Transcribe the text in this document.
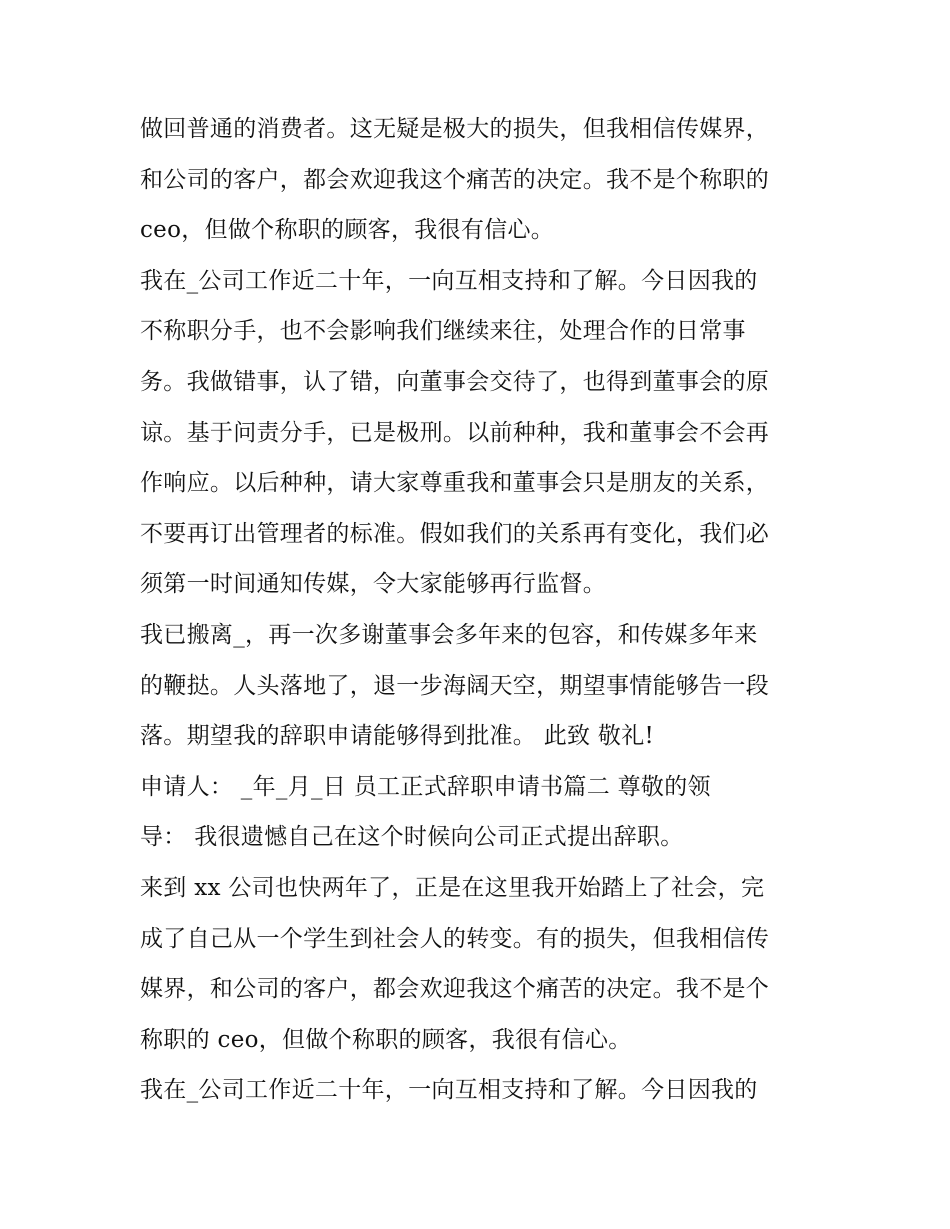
做回普通的消费者。这无疑是极大的损失，但我相信传媒界，
和公司的客户，都会欢迎我这个痛苦的决定。我不是个称职的
ceo，但做个称职的顾客，我很有信心。
我在_公司工作近二十年，一向互相支持和了解。今日因我的
不称职分手，也不会影响我们继续来往，处理合作的日常事
务。我做错事，认了错，向董事会交待了，也得到董事会的原
谅。基于问责分手，已是极刑。以前种种，我和董事会不会再
作响应。以后种种，请大家尊重我和董事会只是朋友的关系，
不要再订出管理者的标准。假如我们的关系再有变化，我们必
须第一时间通知传媒，令大家能够再行监督。
我已搬离_，再一次多谢董事会多年来的包容，和传媒多年来
的鞭挞。人头落地了，退一步海阔天空，期望事情能够告一段
落。期望我的辞职申请能够得到批准。 此致 敬礼!
申请人： _年_月_日 员工正式辞职申请书篇二 尊敬的领
导： 我很遗憾自己在这个时候向公司正式提出辞职。
来到 xx 公司也快两年了，正是在这里我开始踏上了社会，完
成了自己从一个学生到社会人的转变。有的损失，但我相信传
媒界，和公司的客户，都会欢迎我这个痛苦的决定。我不是个
称职的 ceo，但做个称职的顾客，我很有信心。
我在_公司工作近二十年，一向互相支持和了解。今日因我的
